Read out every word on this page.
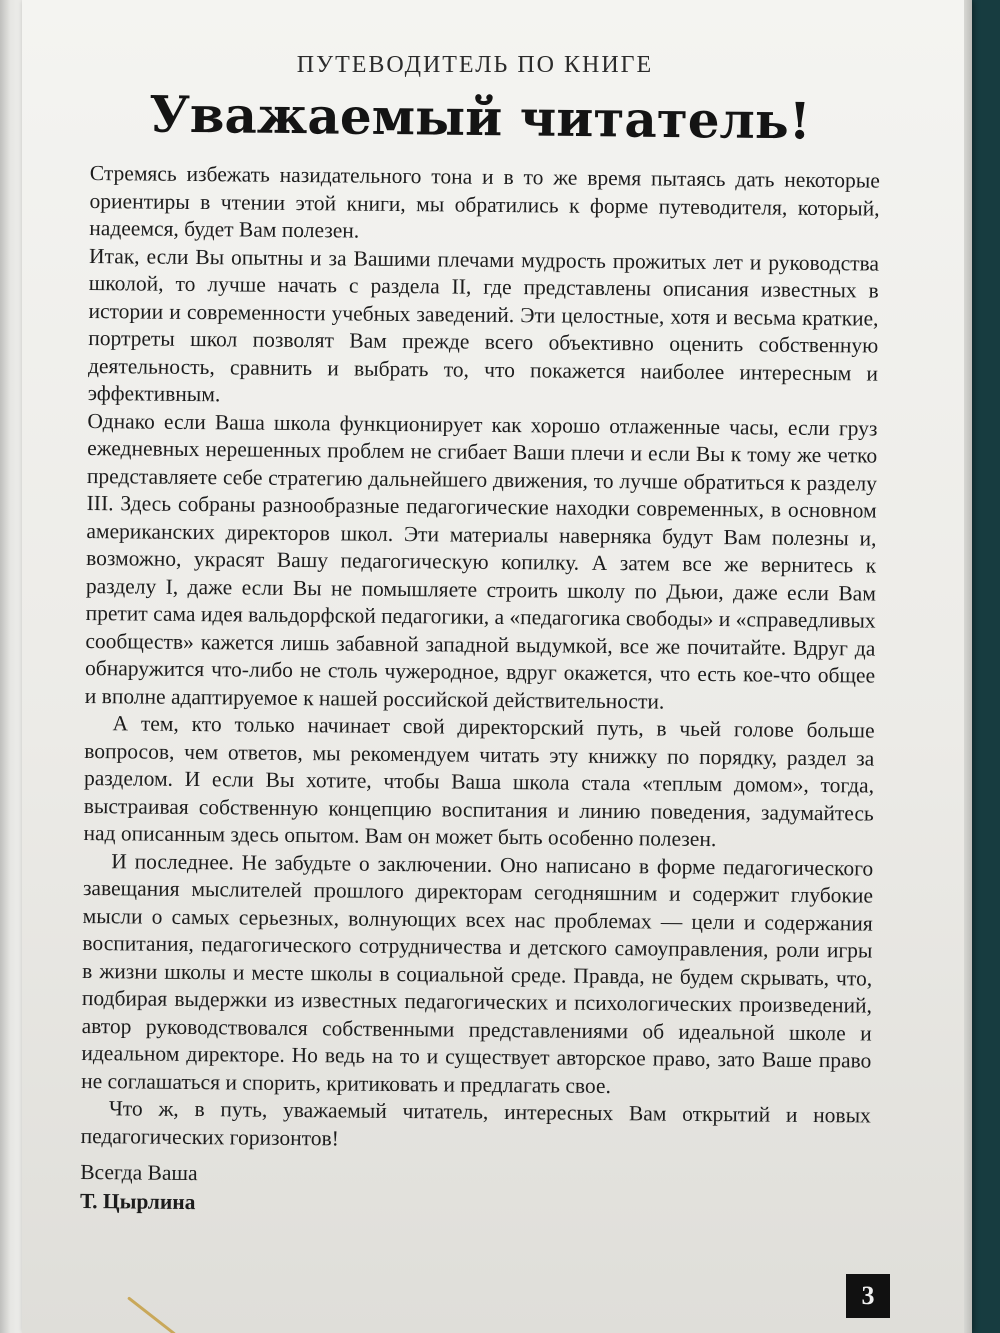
ПУТЕВОДИТЕЛЬ ПО КНИГЕ
Уважаемый читатель!

Стремясь избежать назидательного тона и в то же время пытаясь дать некоторые ориентиры в чтении этой книги, мы обратились к форме путеводителя, который, надеемся, будет Вам полезен.

Итак, если Вы опытны и за Вашими плечами мудрость прожитых лет и руководства школой, то лучше начать с раздела II, где представлены описания известных в истории и современности учебных заведений. Эти целостные, хотя и весьма краткие, портреты школ позволят Вам прежде всего объективно оценить собственную деятельность, сравнить и выбрать то, что покажется наиболее интересным и эффективным.

Однако если Ваша школа функционирует как хорошо отлаженные часы, если груз ежедневных нерешенных проблем не сгибает Ваши плечи и если Вы к тому же четко представляете себе стратегию дальнейшего движения, то лучше обратиться к разделу III. Здесь собраны разнообразные педагогические находки современных, в основном американских директоров школ. Эти материалы наверняка будут Вам полезны и, возможно, украсят Вашу педагогическую копилку. А затем все же вернитесь к разделу I, даже если Вы не помышляете строить школу по Дьюи, даже если Вам претит сама идея вальдорфской педагогики, а «педагогика свободы» и «справедливых сообществ» кажется лишь забавной западной выдумкой, все же почитайте. Вдруг да обнаружится что-либо не столь чужеродное, вдруг окажется, что есть кое-что общее и вполне адаптируемое к нашей российской действительности.

А тем, кто только начинает свой директорский путь, в чьей голове больше вопросов, чем ответов, мы рекомендуем читать эту книжку по порядку, раздел за разделом. И если Вы хотите, чтобы Ваша школа стала «теплым домом», тогда, выстраивая собственную концепцию воспитания и линию поведения, задумайтесь над описанным здесь опытом. Вам он может быть особенно полезен.

И последнее. Не забудьте о заключении. Оно написано в форме педагогического завещания мыслителей прошлого директорам сегодняшним и содержит глубокие мысли о самых серьезных, волнующих всех нас проблемах — цели и содержания воспитания, педагогического сотрудничества и детского самоуправления, роли игры в жизни школы и месте школы в социальной среде. Правда, не будем скрывать, что, подбирая выдержки из известных педагогических и психологических произведений, автор руководствовался собственными представлениями об идеальной школе и идеальном директоре. Но ведь на то и существует авторское право, зато Ваше право не соглашаться и спорить, критиковать и предлагать свое.

Что ж, в путь, уважаемый читатель, интересных Вам открытий и новых педагогических горизонтов!

Всегда Ваша
Т. Цырлина
3
